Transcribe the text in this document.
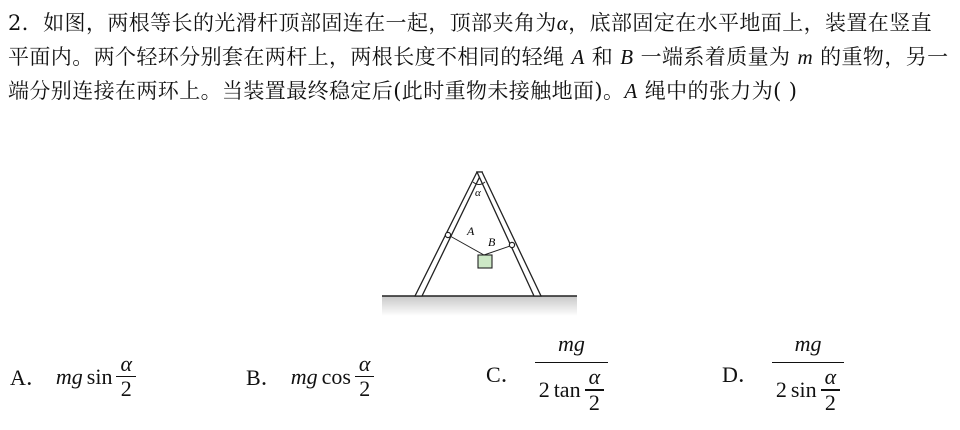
2．如图，两根等长的光滑杆顶部固连在一起，顶部夹角为α，底部固定在水平地面上，装置在竖直平面内。两个轻环分别套在两杆上，两根长度不相同的轻绳 A 和 B 一端系着质量为 m 的重物，另一端分别连接在两环上。当装置最终稳定后(此时重物未接触地面)。A 绳中的张力为( )
α
A
B
A． mg $\sin \frac{\alpha}{2}$	B． mg $\cos \frac{\alpha}{2}$	C． $\frac{mg}{2 \tan \frac{\alpha}{2}}$	D． $\frac{mg}{2 \sin \frac{\alpha}{2}}$
